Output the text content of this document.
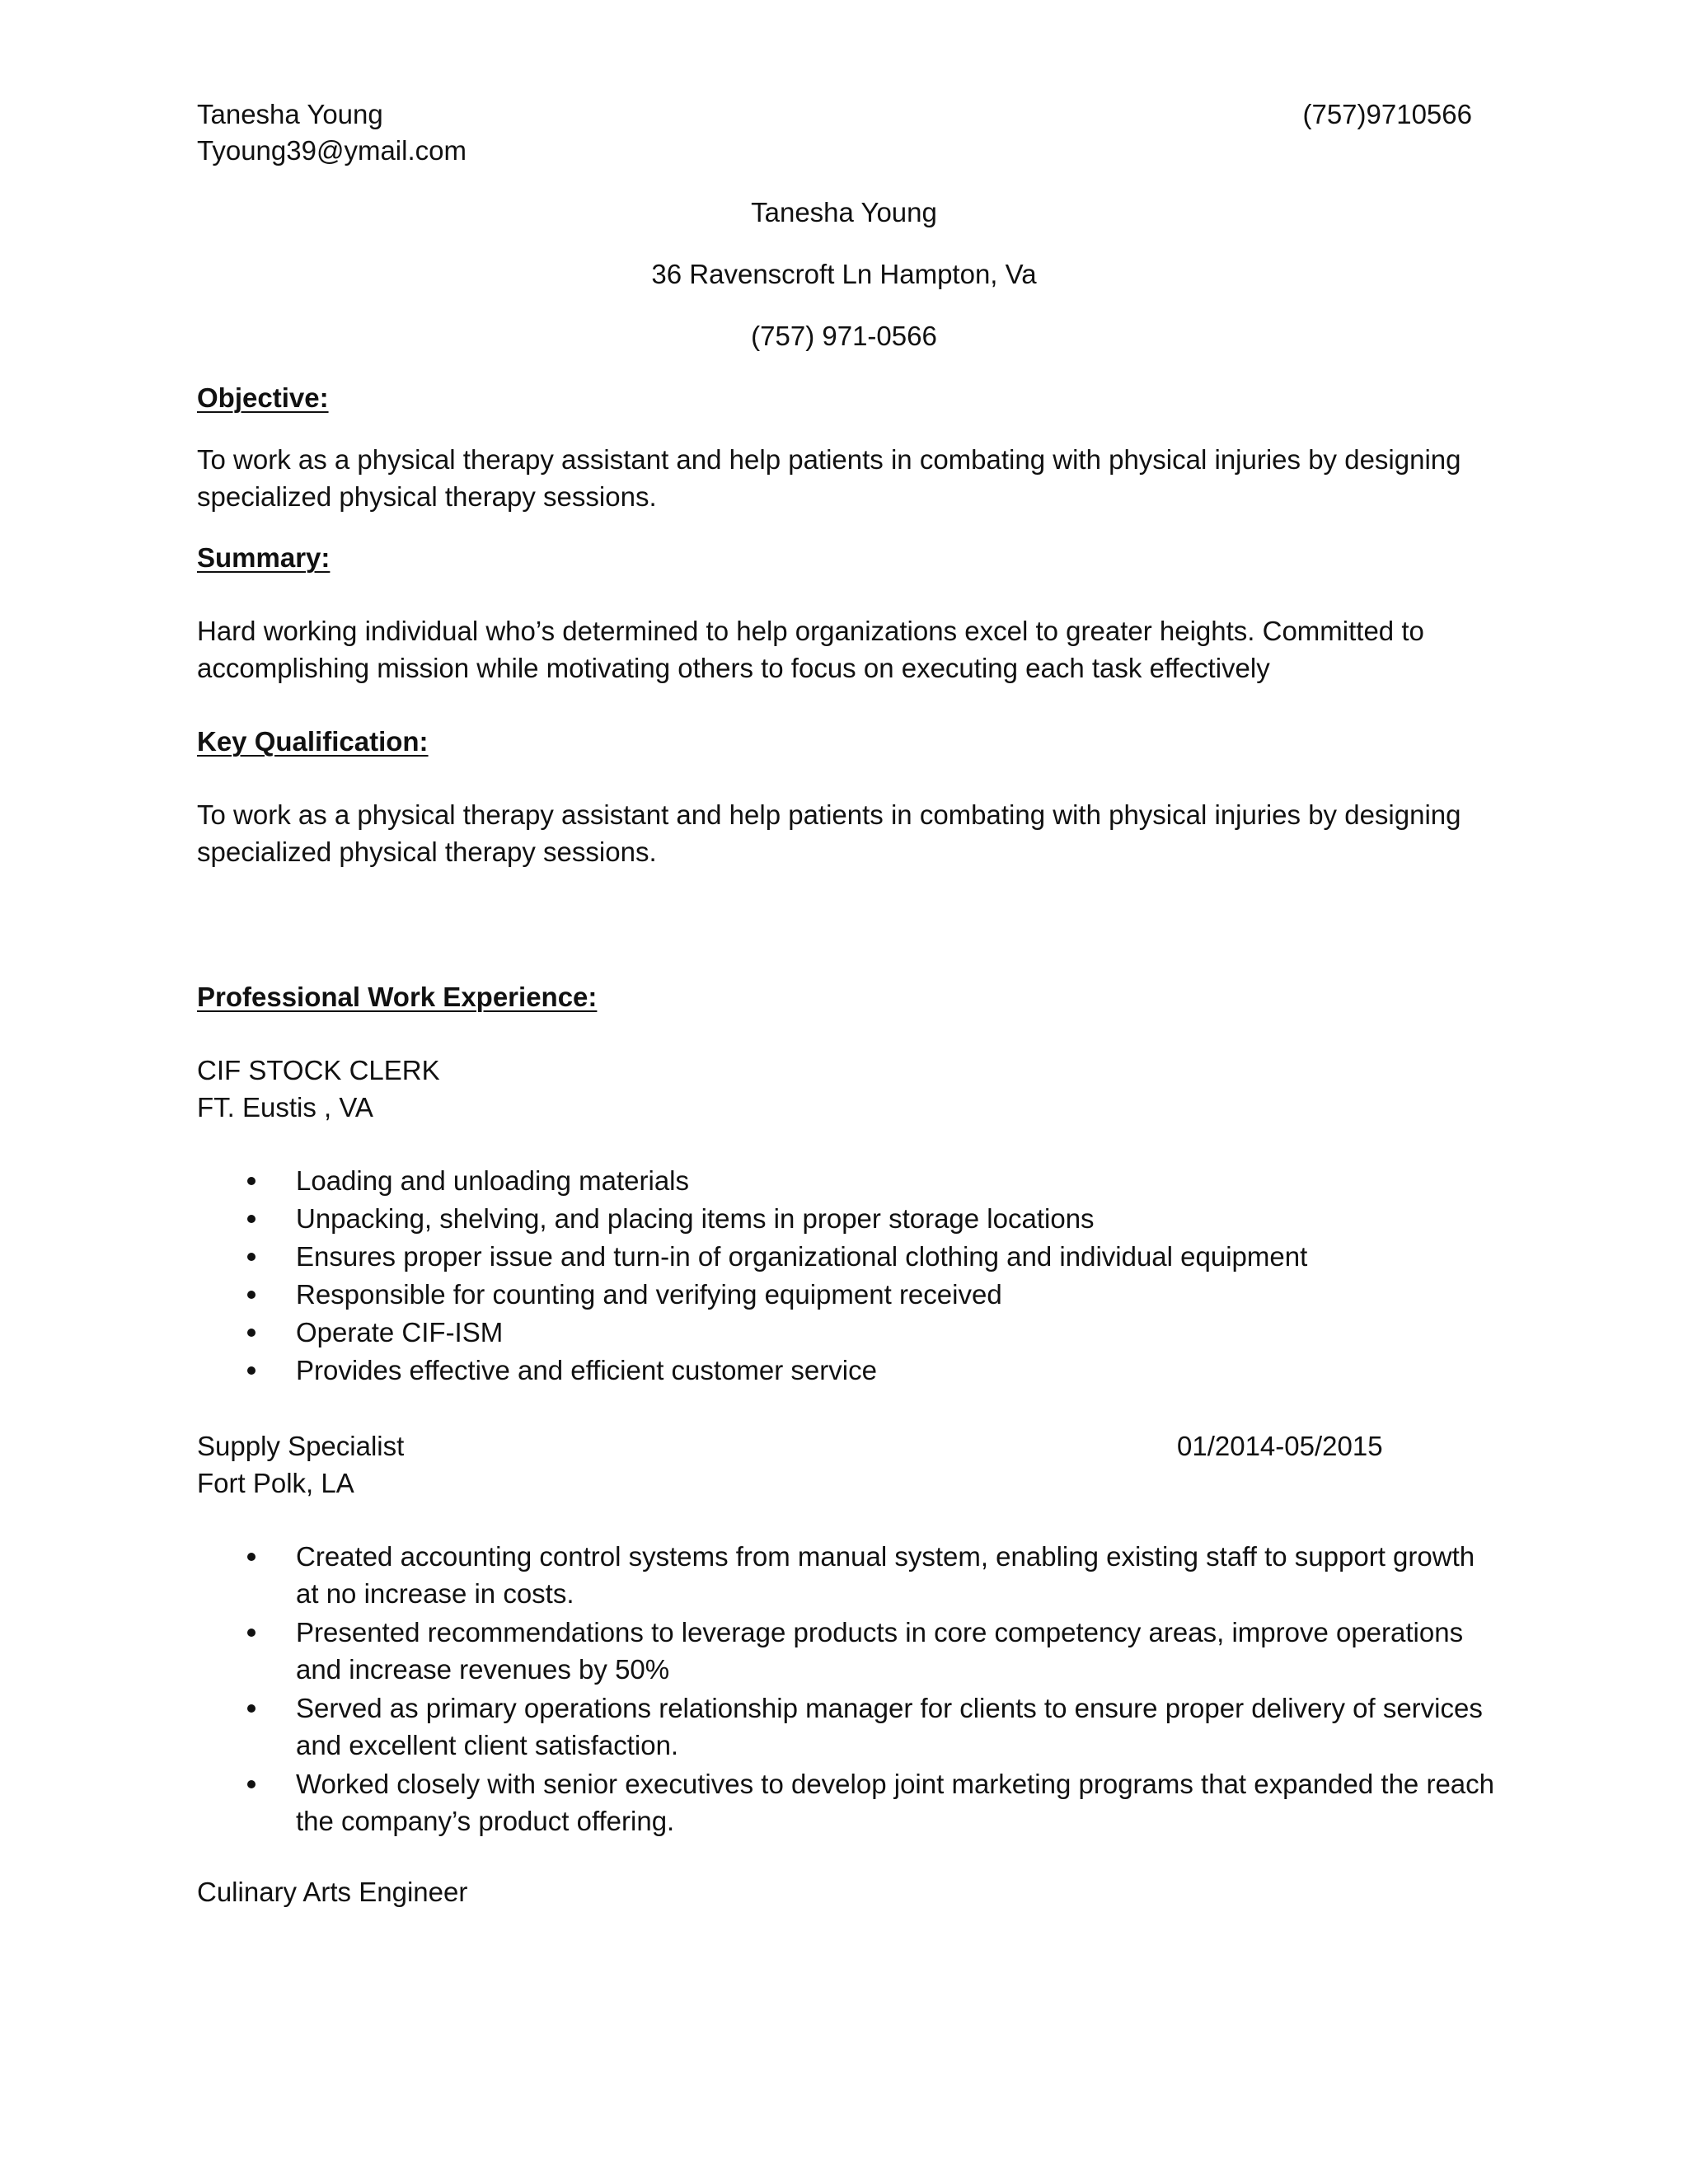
Tanesha Young	(757)9710566
Tyoung39@ymail.com
Tanesha Young
36 Ravenscroft Ln Hampton, Va
(757) 971-0566
Objective:
To work as a physical therapy assistant and help patients in combating with physical injuries by designing specialized physical therapy sessions.
Summary:
Hard working individual who’s determined to help organizations excel to greater heights. Committed to accomplishing mission while motivating others to focus on executing each task effectively
Key Qualification:
To work as a physical therapy assistant and help patients in combating with physical injuries by designing specialized physical therapy sessions.
Professional Work Experience:
CIF STOCK CLERK
FT. Eustis , VA
Loading and unloading materials
Unpacking, shelving, and placing items in proper storage locations
Ensures proper issue and turn-in of organizational clothing and individual equipment
Responsible for counting and verifying equipment received
Operate CIF-ISM
Provides effective and efficient customer service
Supply Specialist	01/2014-05/2015
Fort Polk, LA
Created accounting control systems from manual system, enabling existing staff to support growth at no increase in costs.
Presented recommendations to leverage products in core competency areas, improve operations and increase revenues by 50%
Served as primary operations relationship manager for clients to ensure proper delivery of services and excellent client satisfaction.
Worked closely with senior executives to develop joint marketing programs that expanded the reach the company’s product offering.
Culinary Arts Engineer
